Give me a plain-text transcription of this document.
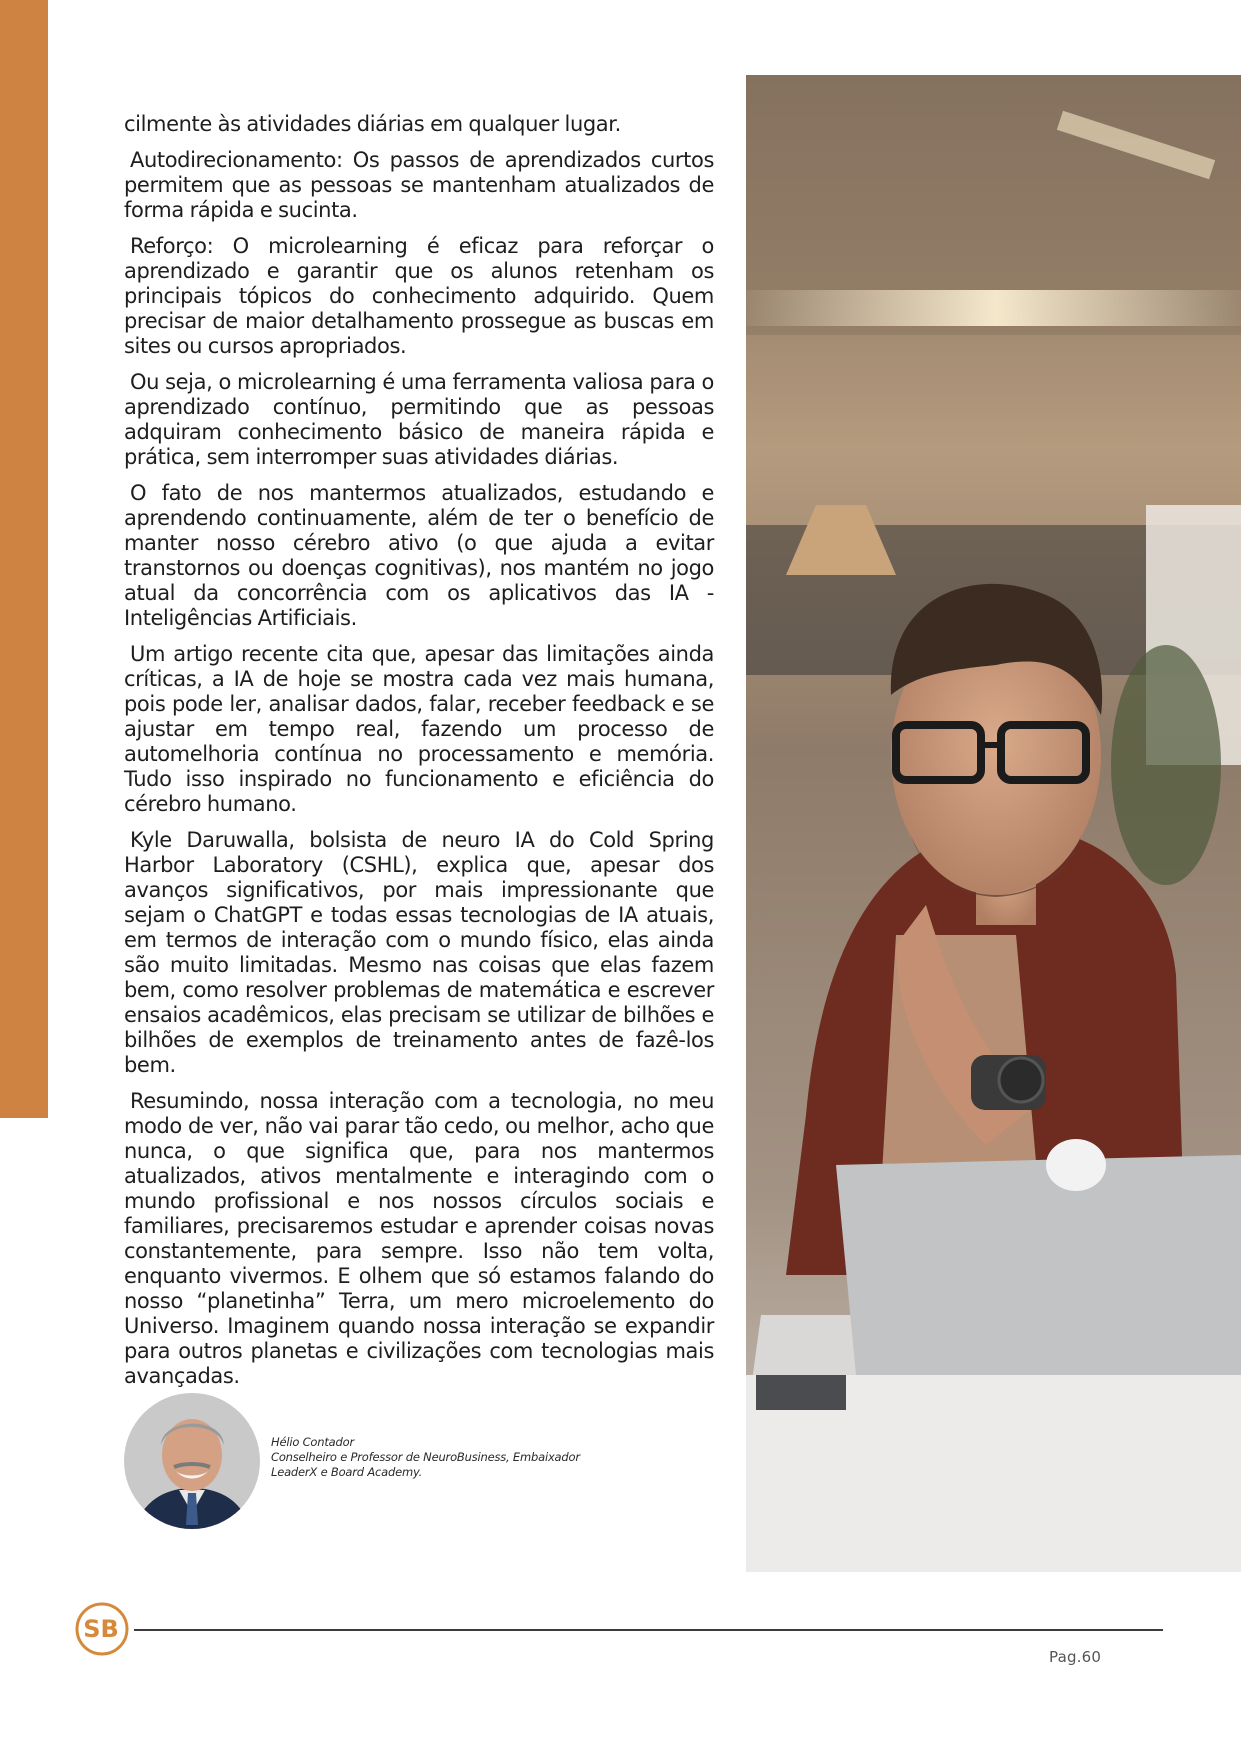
cilmente às atividades diárias em qualquer lugar.

Autodirecionamento: Os passos de aprendizados curtos permitem que as pessoas se mantenham atualizados de forma rápida e sucinta.

Reforço: O microlearning é eficaz para reforçar o aprendizado e garantir que os alunos retenham os principais tópicos do conhecimento adquirido. Quem precisar de maior detalhamento prossegue as buscas em sites ou cursos apropriados.

Ou seja, o microlearning é uma ferramenta valiosa para o aprendizado contínuo, permitindo que as pessoas adquiram conhecimento básico de maneira rápida e prática, sem interromper suas atividades diárias.

O fato de nos mantermos atualizados, estudando e aprendendo continuamente, além de ter o benefício de manter nosso cérebro ativo (o que ajuda a evitar transtornos ou doenças cognitivas), nos mantém no jogo atual da concorrência com os aplicativos das IA - Inteligências Artificiais.

Um artigo recente cita que, apesar das limitações ainda críticas, a IA de hoje se mostra cada vez mais humana, pois pode ler, analisar dados, falar, receber feedback e se ajustar em tempo real, fazendo um processo de automelhoria contínua no processamento e memória. Tudo isso inspirado no funcionamento e eficiência do cérebro humano.

Kyle Daruwalla, bolsista de neuro IA do Cold Spring Harbor Laboratory (CSHL), explica que, apesar dos avanços significativos, por mais impressionante que sejam o ChatGPT e todas essas tecnologias de IA atuais, em termos de interação com o mundo físico, elas ainda são muito limitadas. Mesmo nas coisas que elas fazem bem, como resolver problemas de matemática e escrever ensaios acadêmicos, elas precisam se utilizar de bilhões e bilhões de exemplos de treinamento antes de fazê-los bem.

Resumindo, nossa interação com a tecnologia, no meu modo de ver, não vai parar tão cedo, ou melhor, acho que nunca, o que significa que, para nos mantermos atualizados, ativos mentalmente e interagindo com o mundo profissional e nos nossos círculos sociais e familiares, precisaremos estudar e aprender coisas novas constantemente, para sempre. Isso não tem volta, enquanto vivermos. E olhem que só estamos falando do nosso “planetinha” Terra, um mero microelemento do Universo. Imaginem quando nossa interação se expandir para outros planetas e civilizações com tecnologias mais avançadas.

Hélio Contador
Conselheiro e Professor de NeuroBusiness, Embaixador
LeaderX e Board Academy.
SB
Pag.60
